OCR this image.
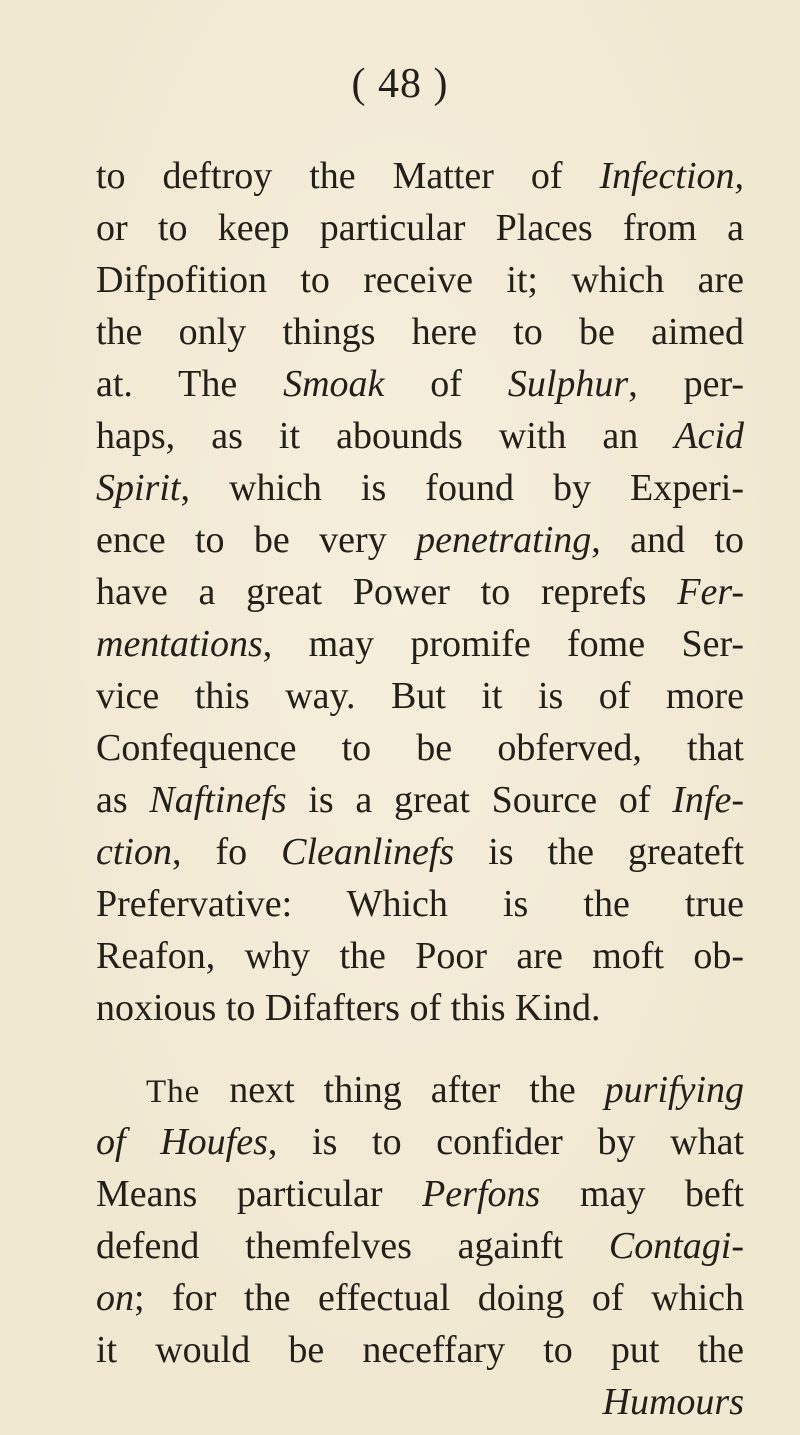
( 48 )
to deftroy the Matter of Infection,
or to keep particular Places from a
Difpofition to receive it; which are
the only things here to be aimed
at. The Smoak of Sulphur, per-
haps, as it abounds with an Acid
Spirit, which is found by Experi-
ence to be very penetrating, and to
have a great Power to reprefs Fer-
mentations, may promife fome Ser-
vice this way. But it is of more
Confequence to be obferved, that
as Naftinefs is a great Source of Infe-
ction, fo Cleanlinefs is the greateft
Prefervative: Which is the true
Reafon, why the Poor are moft ob-
noxious to Difafters of this Kind.
The next thing after the purifying
of Houfes, is to confider by what
Means particular Perfons may beft
defend themfelves againft Contagi-
on; for the effectual doing of which
it would be neceffary to put the
Humours
